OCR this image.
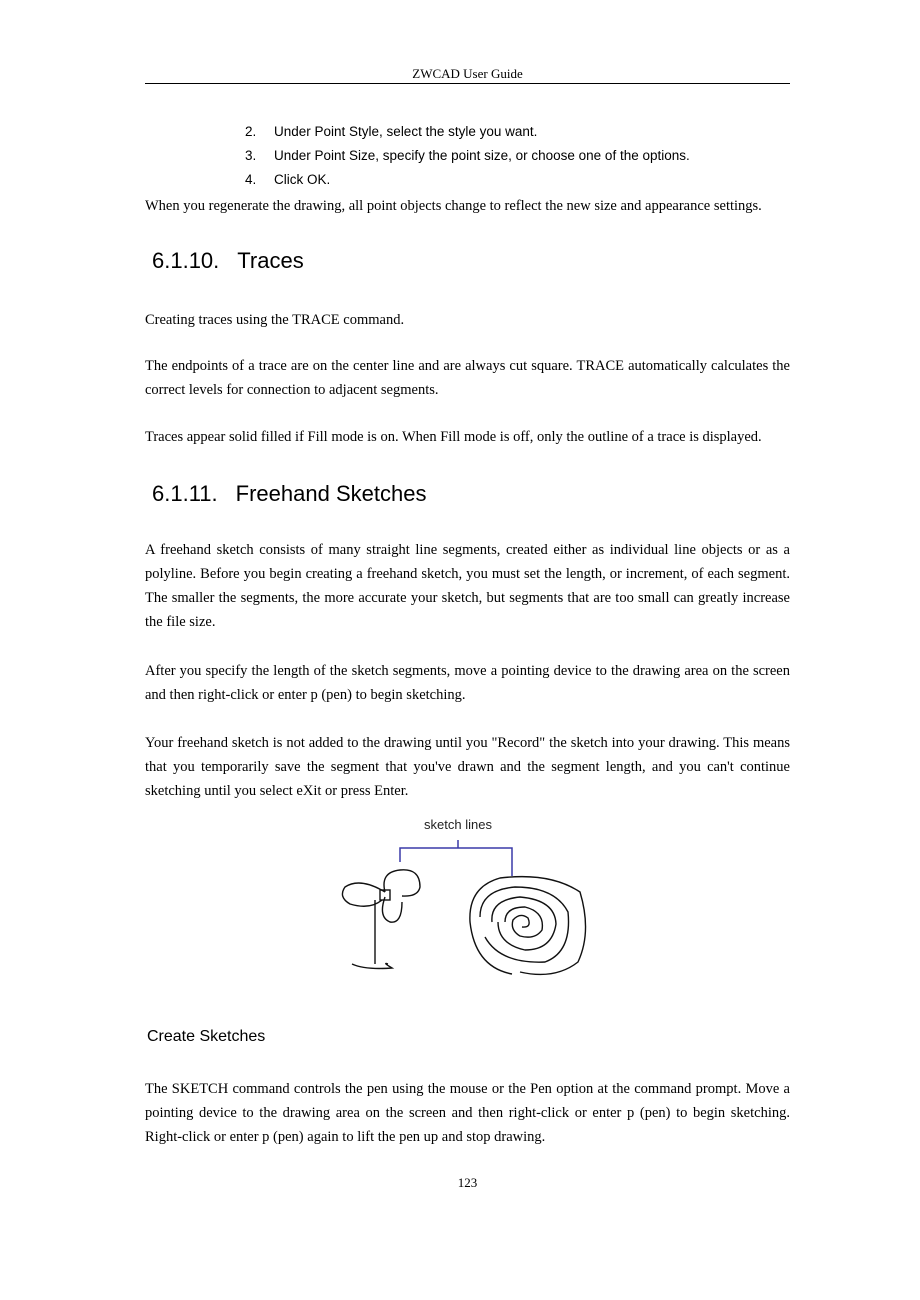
ZWCAD User Guide
2. Under Point Style, select the style you want.
3. Under Point Size, specify the point size, or choose one of the options.
4. Click OK.
When you regenerate the drawing, all point objects change to reflect the new size and appearance settings.
6.1.10. Traces
Creating traces using the TRACE command.
The endpoints of a trace are on the center line and are always cut square. TRACE automatically calculates the correct levels for connection to adjacent segments.
Traces appear solid filled if Fill mode is on. When Fill mode is off, only the outline of a trace is displayed.
6.1.11. Freehand Sketches
A freehand sketch consists of many straight line segments, created either as individual line objects or as a polyline. Before you begin creating a freehand sketch, you must set the length, or increment, of each segment. The smaller the segments, the more accurate your sketch, but segments that are too small can greatly increase the file size.
After you specify the length of the sketch segments, move a pointing device to the drawing area on the screen and then right-click or enter p (pen) to begin sketching.
Your freehand sketch is not added to the drawing until you "Record" the sketch into your drawing. This means that you temporarily save the segment that you've drawn and the segment length, and you can't continue sketching until you select eXit or press Enter.
sketch lines
Create Sketches
The SKETCH command controls the pen using the mouse or the Pen option at the command prompt. Move a pointing device to the drawing area on the screen and then right-click or enter p (pen) to begin sketching. Right-click or enter p (pen) again to lift the pen up and stop drawing.
123
